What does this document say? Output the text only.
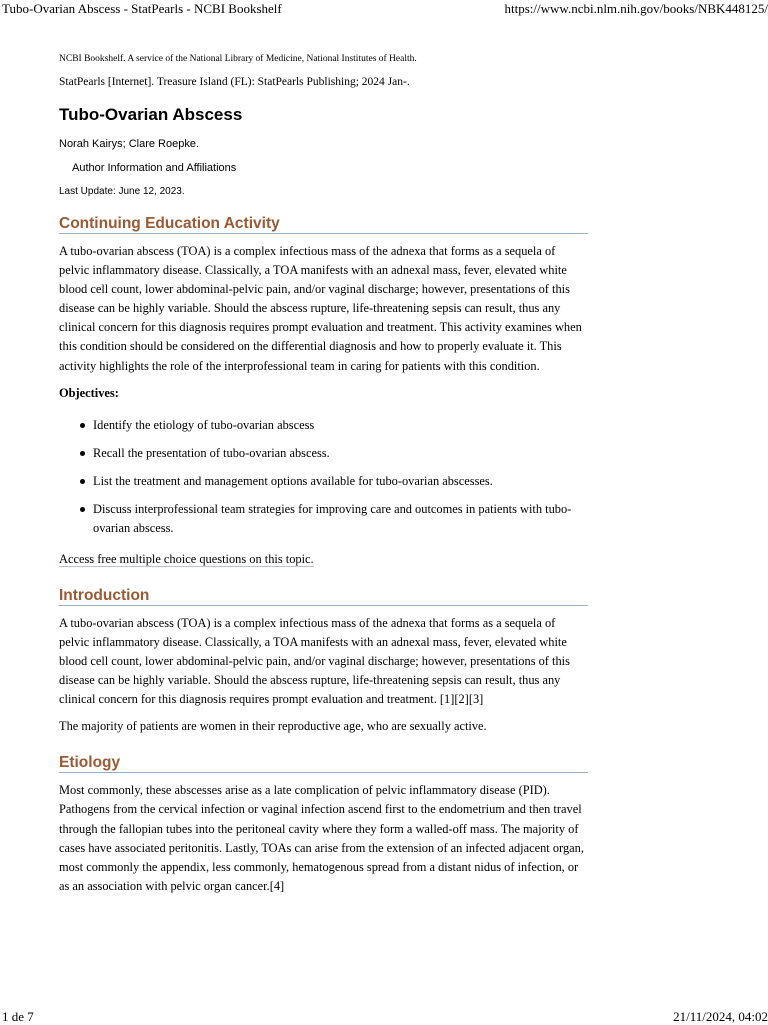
Tubo-Ovarian Abscess - StatPearls - NCBI Bookshelf	https://www.ncbi.nlm.nih.gov/books/NBK448125/

NCBI Bookshelf. A service of the National Library of Medicine, National Institutes of Health.

StatPearls [Internet]. Treasure Island (FL): StatPearls Publishing; 2024 Jan-.

Tubo-Ovarian Abscess

Norah Kairys; Clare Roepke.

Author Information and Affiliations

Last Update: June 12, 2023.

Continuing Education Activity

A tubo-ovarian abscess (TOA) is a complex infectious mass of the adnexa that forms as a sequela of pelvic inflammatory disease. Classically, a TOA manifests with an adnexal mass, fever, elevated white blood cell count, lower abdominal-pelvic pain, and/or vaginal discharge; however, presentations of this disease can be highly variable. Should the abscess rupture, life-threatening sepsis can result, thus any clinical concern for this diagnosis requires prompt evaluation and treatment. This activity examines when this condition should be considered on the differential diagnosis and how to properly evaluate it. This activity highlights the role of the interprofessional team in caring for patients with this condition.

Objectives:

Identify the etiology of tubo-ovarian abscess
Recall the presentation of tubo-ovarian abscess.
List the treatment and management options available for tubo-ovarian abscesses.
Discuss interprofessional team strategies for improving care and outcomes in patients with tubo-ovarian abscess.

Access free multiple choice questions on this topic.

Introduction

A tubo-ovarian abscess (TOA) is a complex infectious mass of the adnexa that forms as a sequela of pelvic inflammatory disease. Classically, a TOA manifests with an adnexal mass, fever, elevated white blood cell count, lower abdominal-pelvic pain, and/or vaginal discharge; however, presentations of this disease can be highly variable. Should the abscess rupture, life-threatening sepsis can result, thus any clinical concern for this diagnosis requires prompt evaluation and treatment. [1][2][3]

The majority of patients are women in their reproductive age, who are sexually active.

Etiology

Most commonly, these abscesses arise as a late complication of pelvic inflammatory disease (PID). Pathogens from the cervical infection or vaginal infection ascend first to the endometrium and then travel through the fallopian tubes into the peritoneal cavity where they form a walled-off mass. The majority of cases have associated peritonitis. Lastly, TOAs can arise from the extension of an infected adjacent organ, most commonly the appendix, less commonly, hematogenous spread from a distant nidus of infection, or as an association with pelvic organ cancer.[4]

1 de 7	21/11/2024, 04:02
